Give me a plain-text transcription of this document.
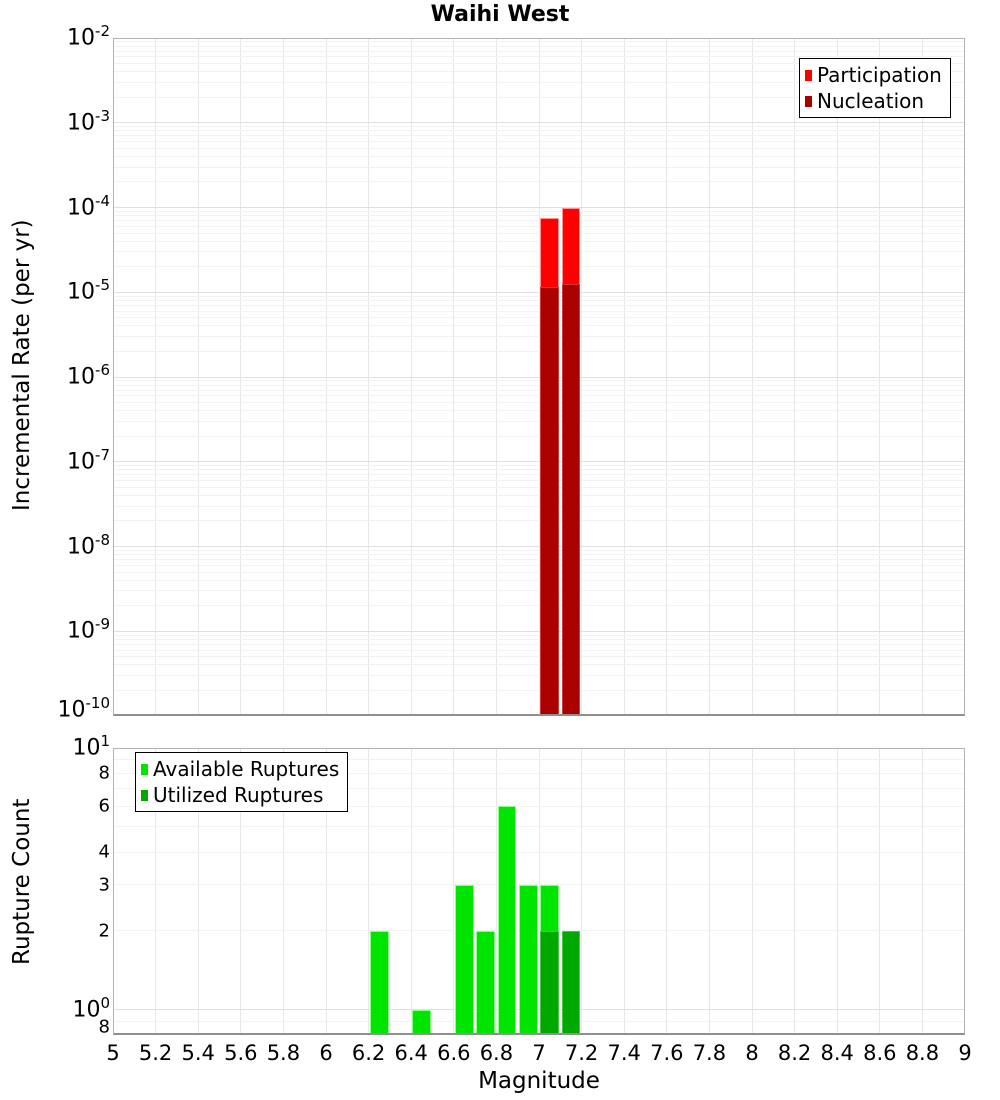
Waihi West
Incremental Rate (per yr)
Rupture Count
Magnitude
Participation
Nucleation
Available Ruptures
Utilized Ruptures
$10^{-2}$
$10^{-3}$
$10^{-4}$
$10^{-5}$
$10^{-6}$
$10^{-7}$
$10^{-8}$
$10^{-9}$
$10^{-10}$
$10^1$
8
6
4
3
2
$10^0$
8
5 5.2 5.4 5.6 5.8 6 6.2 6.4 6.6 6.8 7 7.2 7.4 7.6 7.8 8 8.2 8.4 8.6 8.8 9
